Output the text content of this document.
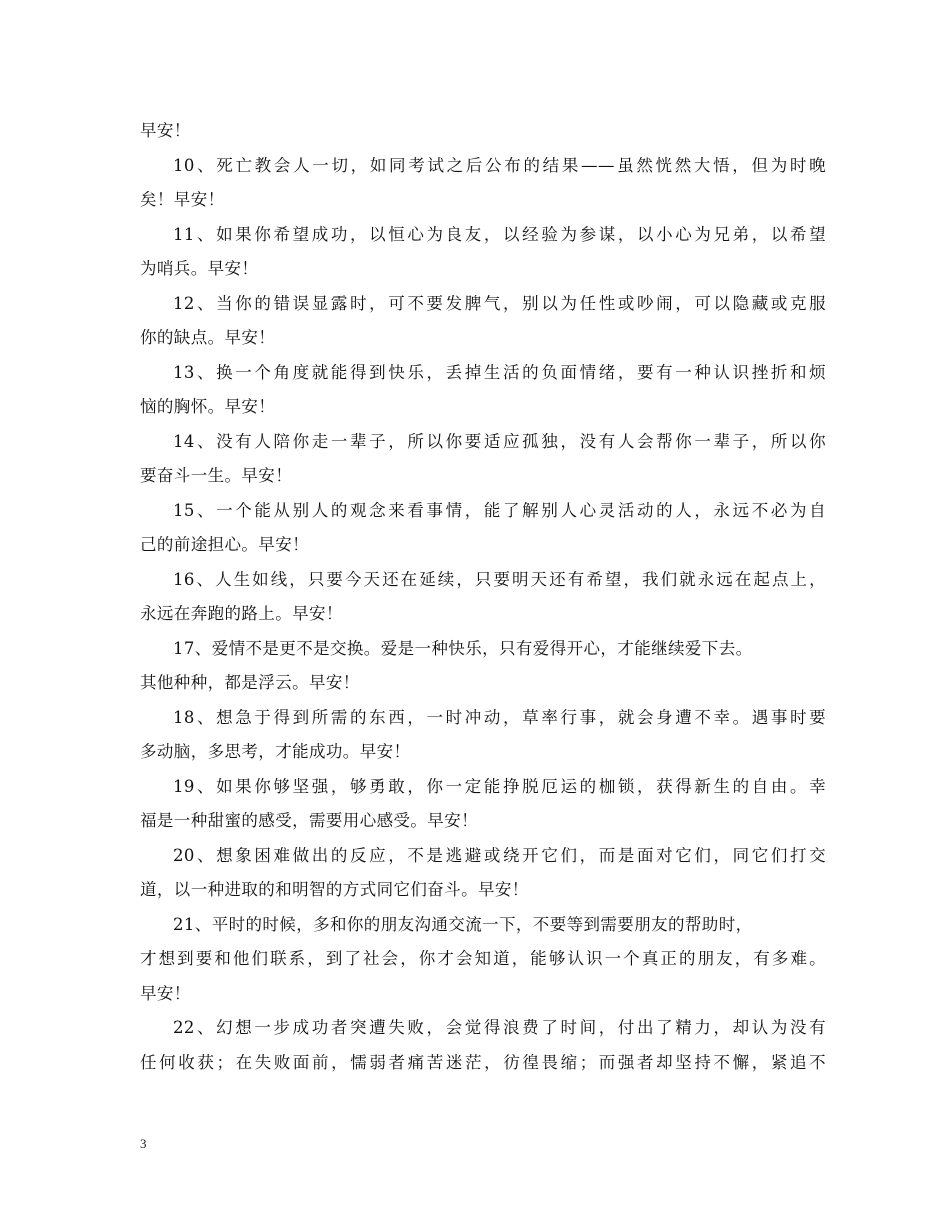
早安！
10、死亡教会人一切，如同考试之后公布的结果——虽然恍然大悟，但为时晚
矣！早安！
11、如果你希望成功，以恒心为良友，以经验为参谋，以小心为兄弟，以希望
为哨兵。早安！
12、当你的错误显露时，可不要发脾气，别以为任性或吵闹，可以隐藏或克服
你的缺点。早安！
13、换一个角度就能得到快乐，丢掉生活的负面情绪，要有一种认识挫折和烦
恼的胸怀。早安！
14、没有人陪你走一辈子，所以你要适应孤独，没有人会帮你一辈子，所以你
要奋斗一生。早安！
15、一个能从别人的观念来看事情，能了解别人心灵活动的人，永远不必为自
己的前途担心。早安！
16、人生如线，只要今天还在延续，只要明天还有希望，我们就永远在起点上，
永远在奔跑的路上。早安！
17、爱情不是更不是交换。爱是一种快乐，只有爱得开心，才能继续爱下去。
其他种种，都是浮云。早安！
18、想急于得到所需的东西，一时冲动，草率行事，就会身遭不幸。遇事时要
多动脑，多思考，才能成功。早安！
19、如果你够坚强，够勇敢，你一定能挣脱厄运的枷锁，获得新生的自由。幸
福是一种甜蜜的感受，需要用心感受。早安！
20、想象困难做出的反应，不是逃避或绕开它们，而是面对它们，同它们打交
道，以一种进取的和明智的方式同它们奋斗。早安！
21、平时的时候，多和你的朋友沟通交流一下，不要等到需要朋友的帮助时，
才想到要和他们联系，到了社会，你才会知道，能够认识一个真正的朋友，有多难。
早安！
22、幻想一步成功者突遭失败，会觉得浪费了时间，付出了精力，却认为没有
任何收获；在失败面前，懦弱者痛苦迷茫，彷徨畏缩；而强者却坚持不懈，紧追不
3
